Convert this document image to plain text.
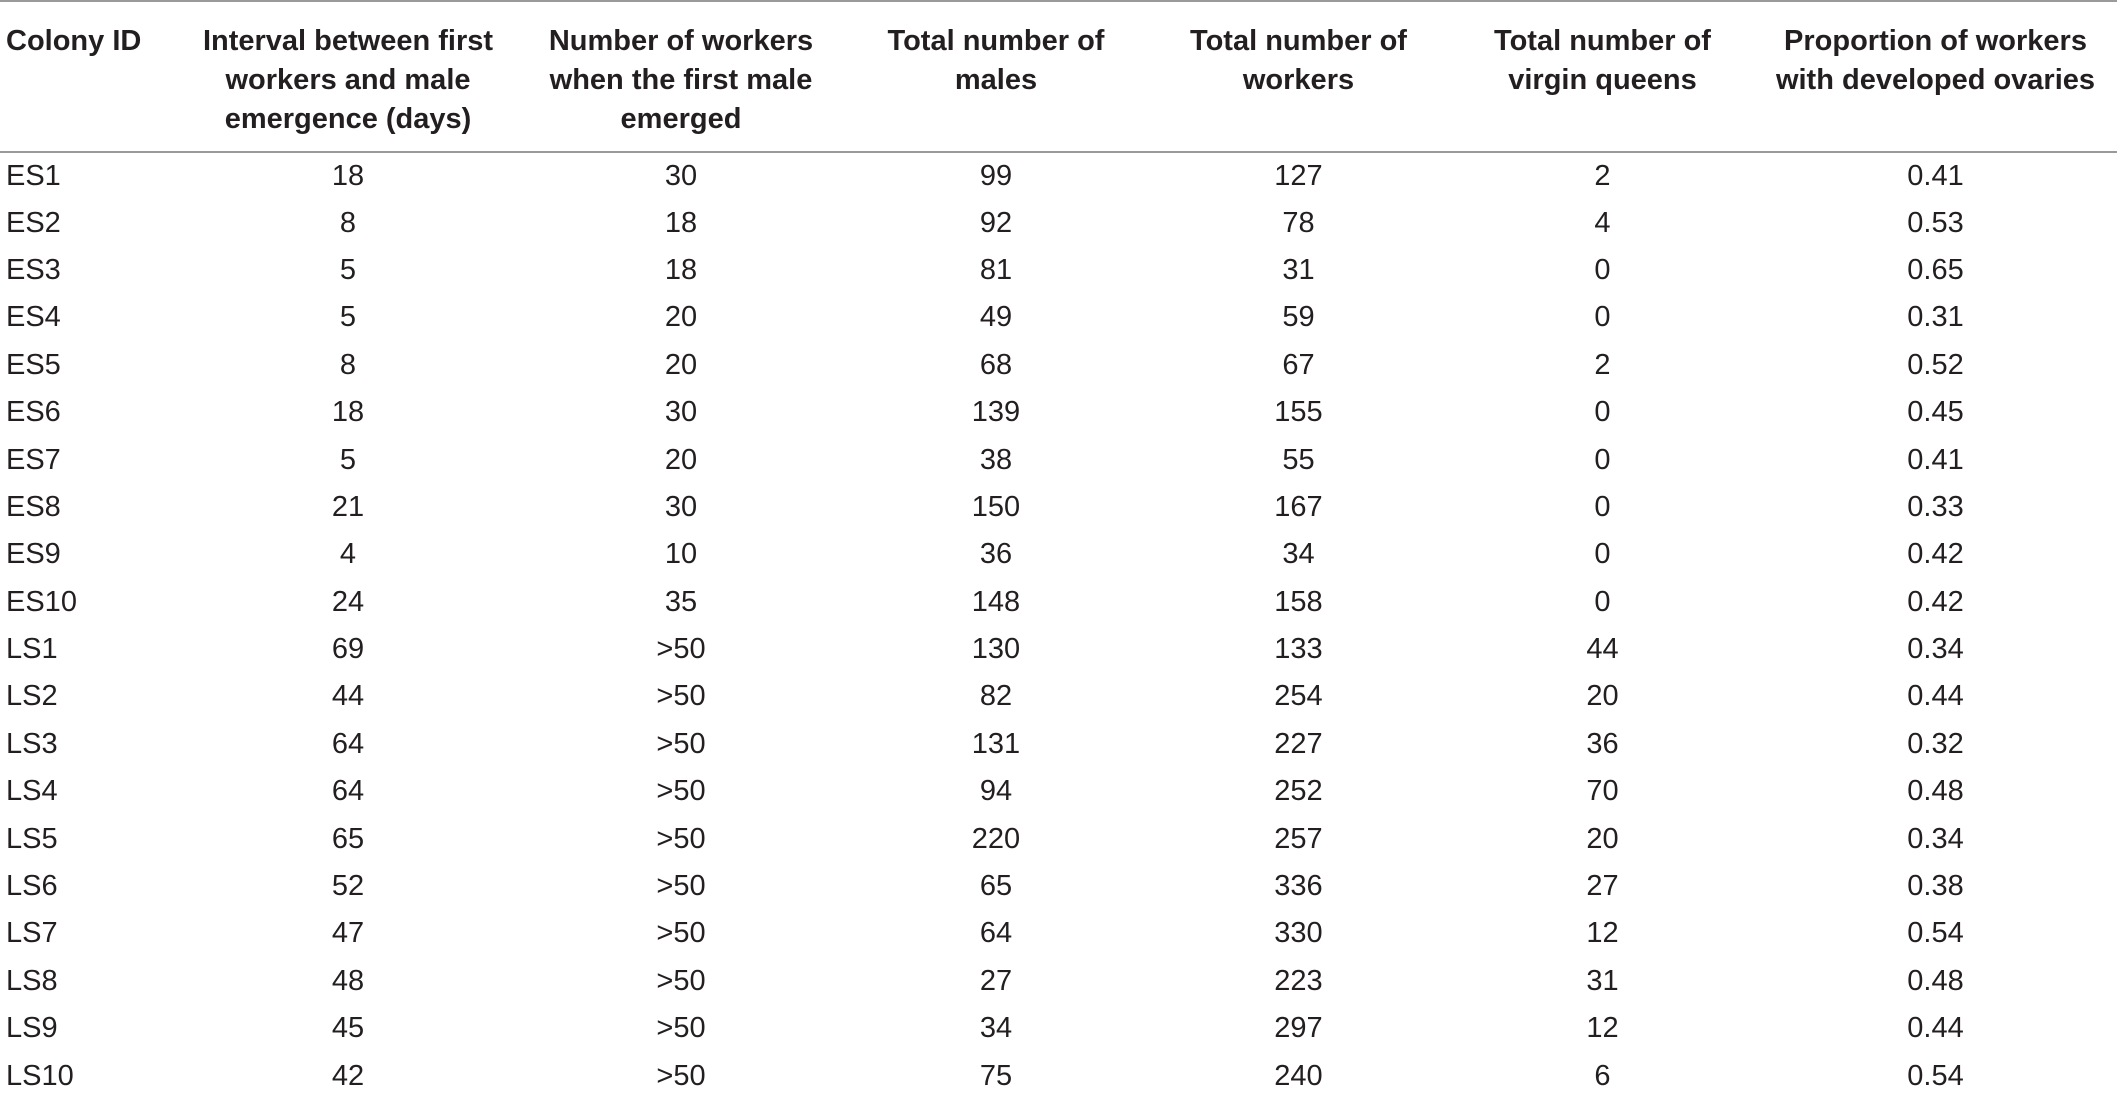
Colony ID	Interval between first workers and male emergence (days)	Number of workers when the first male emerged	Total number of males	Total number of workers	Total number of virgin queens	Proportion of workers with developed ovaries
ES1	18	30	99	127	2	0.41
ES2	8	18	92	78	4	0.53
ES3	5	18	81	31	0	0.65
ES4	5	20	49	59	0	0.31
ES5	8	20	68	67	2	0.52
ES6	18	30	139	155	0	0.45
ES7	5	20	38	55	0	0.41
ES8	21	30	150	167	0	0.33
ES9	4	10	36	34	0	0.42
ES10	24	35	148	158	0	0.42
LS1	69	>50	130	133	44	0.34
LS2	44	>50	82	254	20	0.44
LS3	64	>50	131	227	36	0.32
LS4	64	>50	94	252	70	0.48
LS5	65	>50	220	257	20	0.34
LS6	52	>50	65	336	27	0.38
LS7	47	>50	64	330	12	0.54
LS8	48	>50	27	223	31	0.48
LS9	45	>50	34	297	12	0.44
LS10	42	>50	75	240	6	0.54
